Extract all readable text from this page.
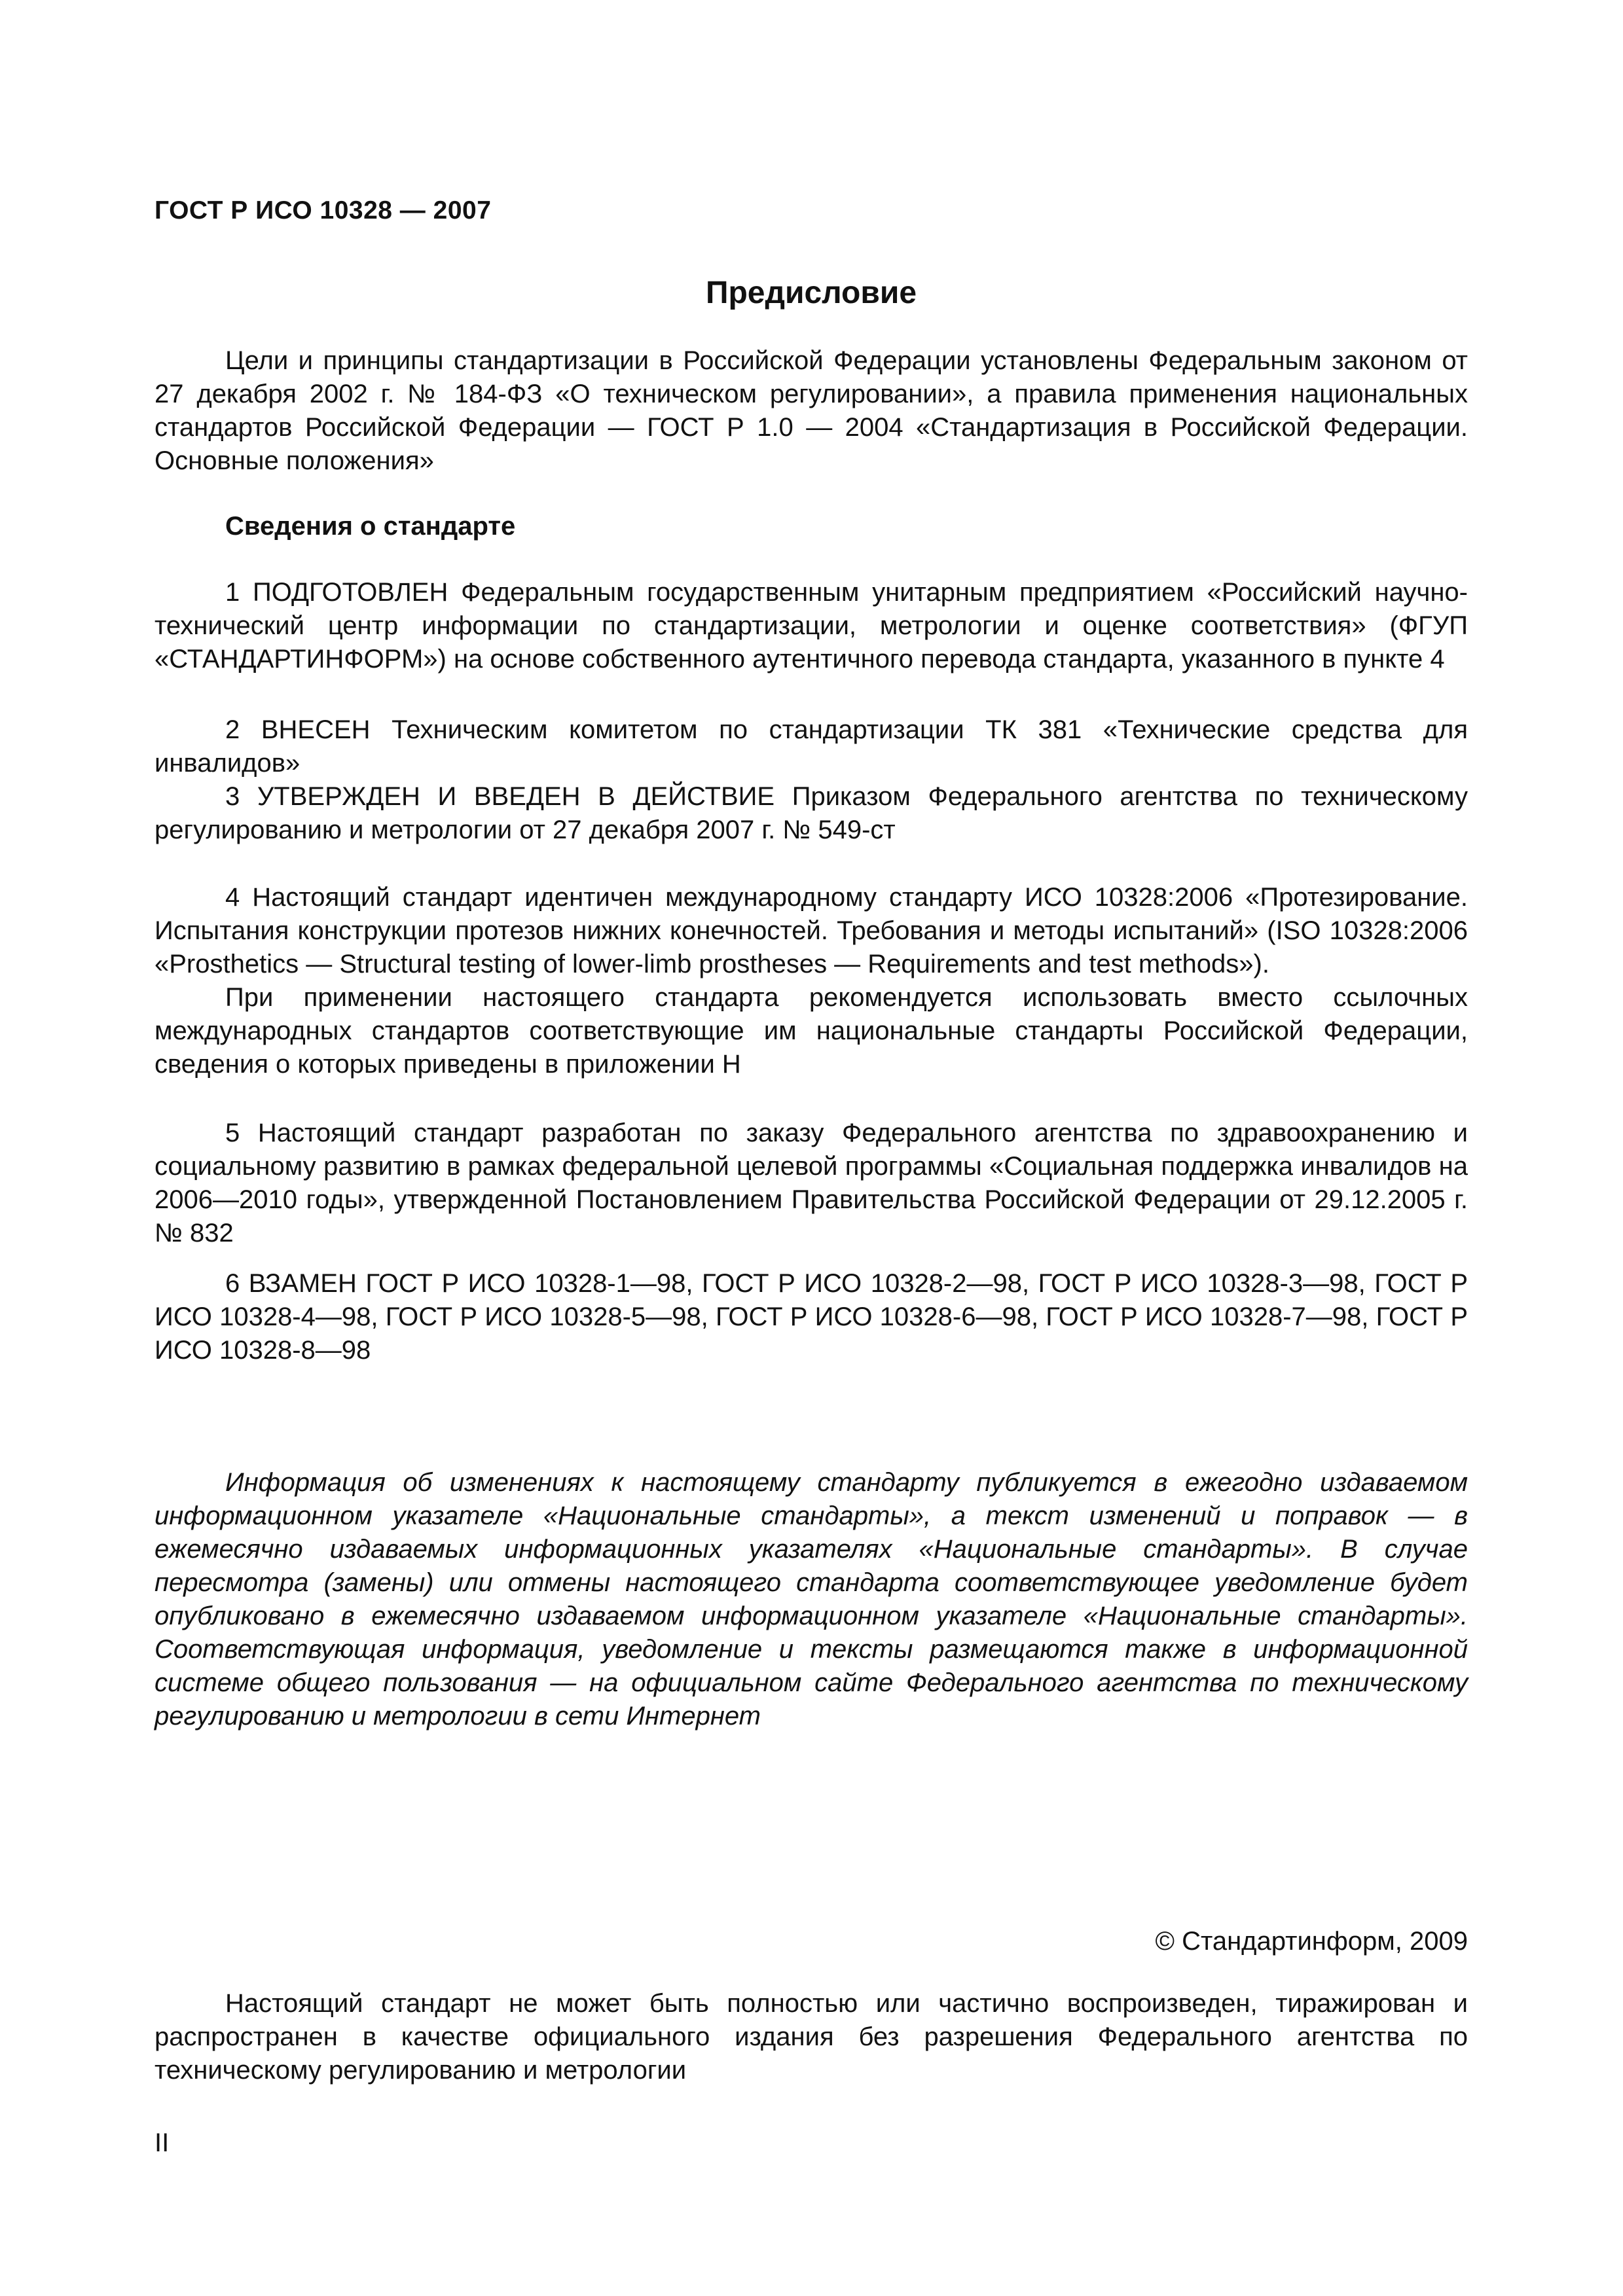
ГОСТ Р ИСО 10328 — 2007
Предисловие
Цели и принципы стандартизации в Российской Федерации установлены Федеральным законом от 27 декабря 2002 г. № 184-ФЗ «О техническом регулировании», а правила применения национальных стандартов Российской Федерации — ГОСТ Р 1.0 — 2004 «Стандартизация в Российской Федерации. Основные положения»
Сведения о стандарте
1 ПОДГОТОВЛЕН Федеральным государственным унитарным предприятием «Российский научно-технический центр информации по стандартизации, метрологии и оценке соответствия» (ФГУП «СТАНДАРТИНФОРМ») на основе собственного аутентичного перевода стандарта, указанного в пункте 4
2 ВНЕСЕН Техническим комитетом по стандартизации ТК 381 «Технические средства для инвалидов»
3 УТВЕРЖДЕН И ВВЕДЕН В ДЕЙСТВИЕ Приказом Федерального агентства по техническому регулированию и метрологии от 27 декабря 2007 г. № 549-ст

4 Настоящий стандарт идентичен международному стандарту ИСО 10328:2006 «Протезирование. Испытания конструкции протезов нижних конечностей. Требования и методы испытаний» (ISO 10328:2006 «Prosthetics — Structural testing of lower-limb prostheses — Requirements and test methods»).

При применении настоящего стандарта рекомендуется использовать вместо ссылочных международных стандартов соответствующие им национальные стандарты Российской Федерации, сведения о которых приведены в приложении Н

5 Настоящий стандарт разработан по заказу Федерального агентства по здравоохранению и социальному развитию в рамках федеральной целевой программы «Социальная поддержка инвалидов на 2006—2010 годы», утвержденной Постановлением Правительства Российской Федерации от 29.12.2005 г. № 832
6 ВЗАМЕН ГОСТ Р ИСО 10328-1—98, ГОСТ Р ИСО 10328-2—98, ГОСТ Р ИСО 10328-3—98, ГОСТ Р ИСО 10328-4—98, ГОСТ Р ИСО 10328-5—98, ГОСТ Р ИСО 10328-6—98, ГОСТ Р ИСО 10328-7—98, ГОСТ Р ИСО 10328-8—98
Информация об изменениях к настоящему стандарту публикуется в ежегодно издаваемом информационном указателе «Национальные стандарты», а текст изменений и поправок — в ежемесячно издаваемых информационных указателях «Национальные стандарты». В случае пересмотра (замены) или отмены настоящего стандарта соответствующее уведомление будет опубликовано в ежемесячно издаваемом информационном указателе «Национальные стандарты». Соответствующая информация, уведомление и тексты размещаются также в информационной системе общего пользования — на официальном сайте Федерального агентства по техническому регулированию и метрологии в сети Интернет
© Стандартинформ, 2009
Настоящий стандарт не может быть полностью или частично воспроизведен, тиражирован и распространен в качестве официального издания без разрешения Федерального агентства по техническому регулированию и метрологии
II
